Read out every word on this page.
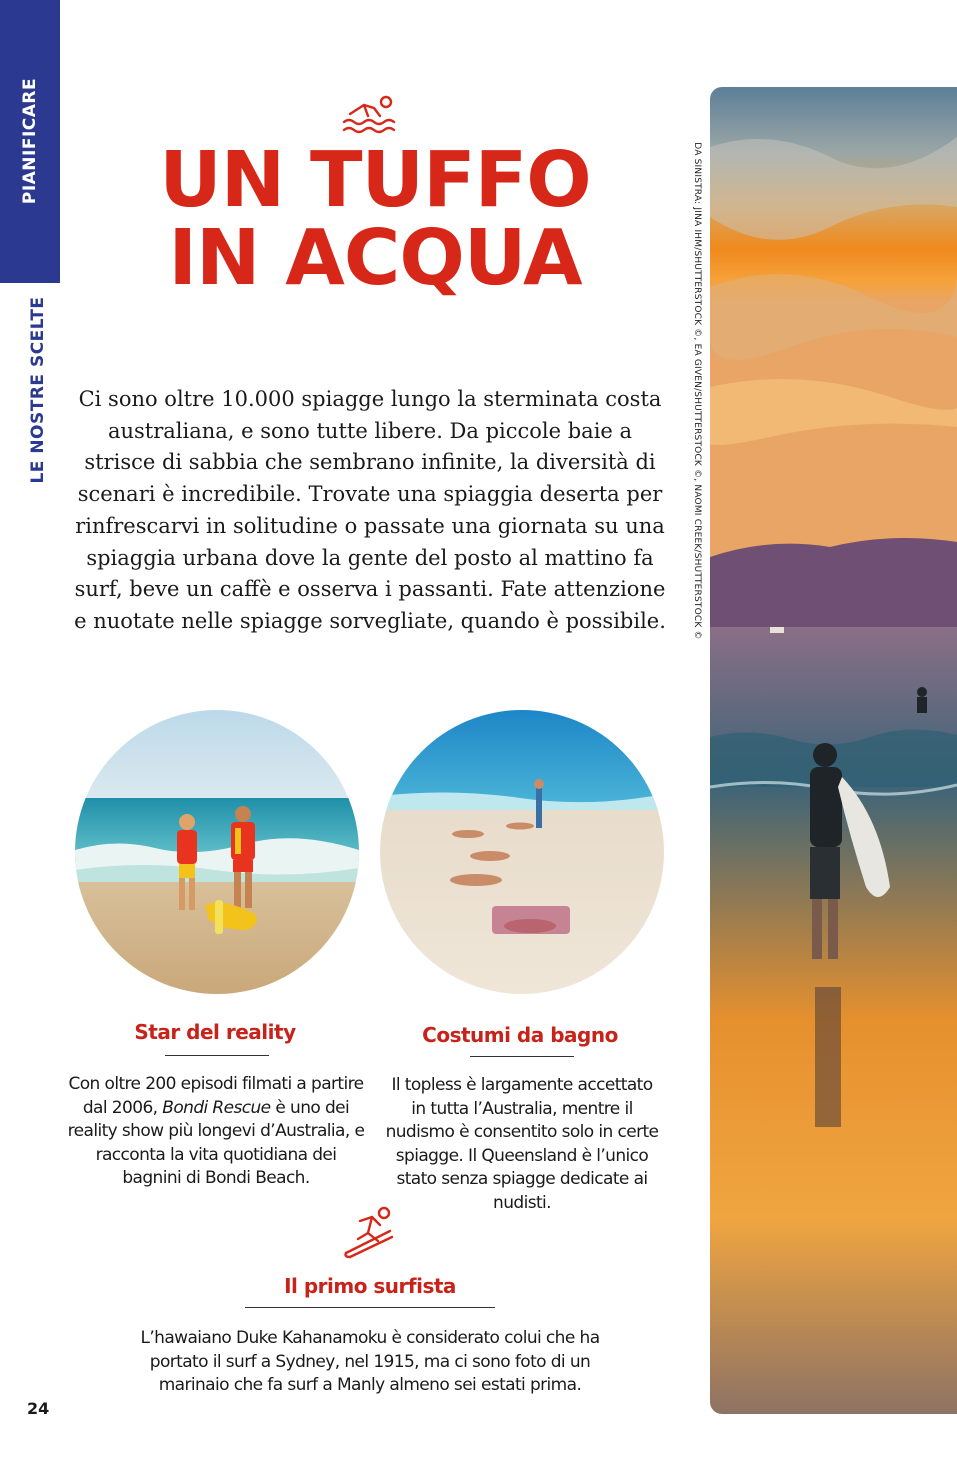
PIANIFICARE
LE NOSTRE SCELTE
UN TUFFO
IN ACQUA

Ci sono oltre 10.000 spiagge lungo la sterminata costa australiana, e sono tutte libere. Da piccole baie a strisce di sabbia che sembrano infinite, la diversità di scenari è incredibile. Trovate una spiaggia deserta per rinfrescarvi in solitudine o passate una giornata su una spiaggia urbana dove la gente del posto al mattino fa surf, beve un caffè e osserva i passanti. Fate attenzione e nuotate nelle spiagge sorvegliate, quando è possibile.

Star del reality

Con oltre 200 episodi filmati a partire dal 2006, Bondi Rescue è uno dei reality show più longevi d’Australia, e racconta la vita quotidiana dei bagnini di Bondi Beach.

Costumi da bagno

Il topless è largamente accettato in tutta l’Australia, mentre il nudismo è consentito solo in certe spiagge. Il Queensland è l’unico stato senza spiagge dedicate ai nudisti.

Il primo surfista

L’hawaiano Duke Kahanamoku è considerato colui che ha portato il surf a Sydney, nel 1915, ma ci sono foto di un marinaio che fa surf a Manly almeno sei estati prima.

24
DA SINISTRA: JINA IHM/SHUTTERSTOCK ©, EA GIVEN/SHUTTERSTOCK ©, NAOMI CREEK/SHUTTERSTOCK ©
